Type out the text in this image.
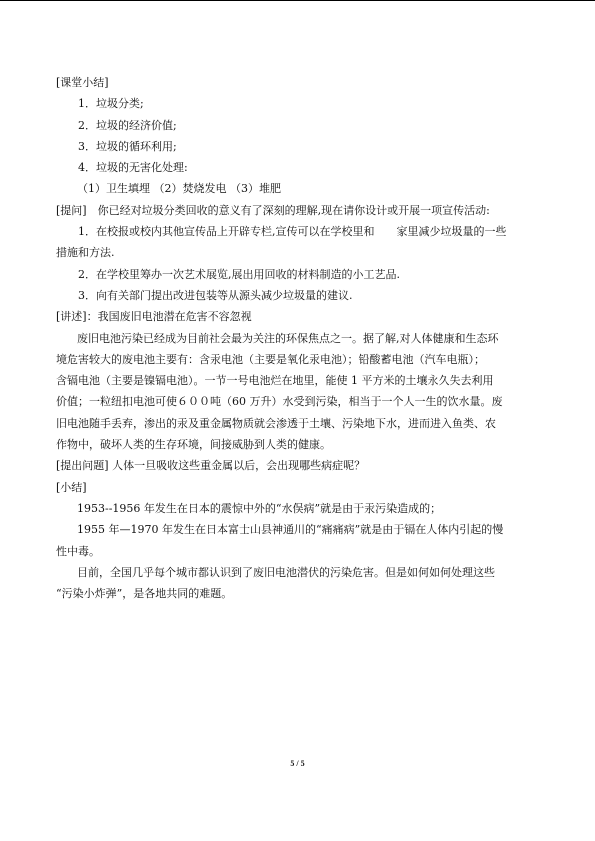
[课堂小结]
1．垃圾分类;
2．垃圾的经济价值;
3．垃圾的循环利用;
4．垃圾的无害化处理:
（1）卫生填埋 （2）焚烧发电 （3）堆肥
[提问]　你已经对垃圾分类回收的意义有了深刻的理解,现在请你设计或开展一项宣传活动:
1．在校报或校内其他宣传品上开辟专栏,宣传可以在学校里和　　家里减少垃圾量的一些
措施和方法.
2．在学校里筹办一次艺术展览,展出用回收的材料制造的小工艺品.
3．向有关部门提出改进包装等从源头减少垃圾量的建议.
[讲述]：我国废旧电池潜在危害不容忽视
废旧电池污染已经成为目前社会最为关注的环保焦点之一。据了解,对人体健康和生态环
境危害较大的废电池主要有：含汞电池（主要是氧化汞电池）；铅酸蓄电池（汽车电瓶）；
含镉电池（主要是镍镉电池）。一节一号电池烂在地里，能使 1 平方米的土壤永久失去利用
价值；一粒纽扣电池可使６００吨（60 万升）水受到污染，相当于一个人一生的饮水量。废
旧电池随手丢弃，渗出的汞及重金属物质就会渗透于土壤、污染地下水，进而进入鱼类、农
作物中，破坏人类的生存环境，间接威胁到人类的健康。
[提出问题] 人体一旦吸收这些重金属以后，会出现哪些病症呢？
[小结]
1953--1956 年发生在日本的震惊中外的“水俣病”就是由于汞污染造成的；
1955 年—1970 年发生在日本富士山县神通川的“痛痛病”就是由于镉在人体内引起的慢
性中毒。
目前，全国几乎每个城市都认识到了废旧电池潜伏的污染危害。但是如何如何处理这些
“污染小炸弹”，是各地共同的难题。
5 / 5
